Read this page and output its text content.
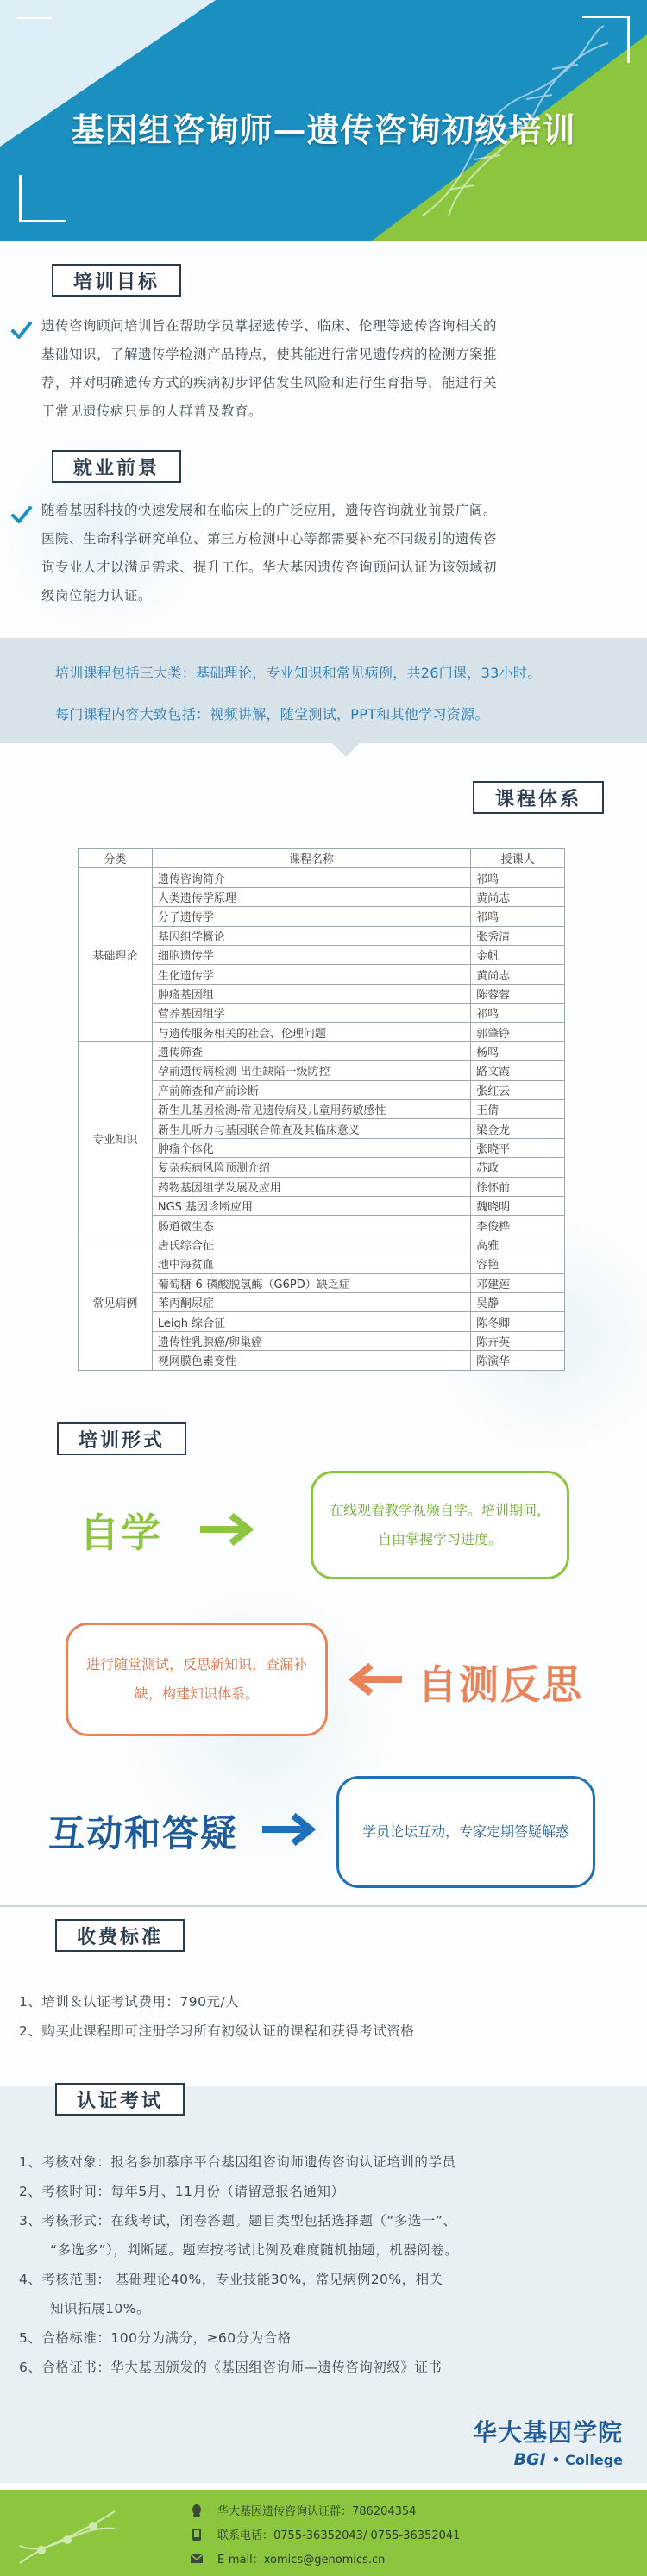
基因组咨询师—遗传咨询初级培训
培训目标
遗传咨询顾问培训旨在帮助学员掌握遗传学、临床、伦理等遗传咨询相关的
基础知识，了解遗传学检测产品特点，使其能进行常见遗传病的检测方案推
荐，并对明确遗传方式的疾病初步评估发生风险和进行生育指导，能进行关
于常见遗传病只是的人群普及教育。
就业前景
随着基因科技的快速发展和在临床上的广泛应用，遗传咨询就业前景广阔。
医院、生命科学研究单位、第三方检测中心等都需要补充不同级别的遗传咨
询专业人才以满足需求、提升工作。华大基因遗传咨询顾问认证为该领域初
级岗位能力认证。

培训课程包括三大类：基础理论，专业知识和常见病例，共26门课，33小时。

每门课程内容大致包括：视频讲解，随堂测试，PPT和其他学习资源。

课程体系
分类	课程名称	授课人
基础理论	遗传咨询简介	祁鸣
	人类遗传学原理	黄尚志
	分子遗传学	祁鸣
	基因组学概论	张秀清
	细胞遗传学	金帆
	生化遗传学	黄尚志
	肿瘤基因组	陈蓉蓉
	营养基因组学	祁鸣
	与遗传服务相关的社会、伦理问题	郭肇铮
专业知识	遗传筛查	杨鸣
	孕前遗传病检测-出生缺陷一级防控	路文霞
	产前筛查和产前诊断	张红云
	新生儿基因检测-常见遗传病及儿童用药敏感性	王倩
	新生儿听力与基因联合筛查及其临床意义	梁金龙
	肿瘤个体化	张晓平
	复杂疾病风险预测介绍	苏政
	药物基因组学发展及应用	徐怀前
	NGS 基因诊断应用	魏晓明
	肠道微生态	李俊桦
常见病例	唐氏综合征	高雅
	地中海贫血	容艳
	葡萄糖-6-磷酸脱氢酶（G6PD）缺乏症	邓建莲
	苯丙酮尿症	吴静
	Leigh 综合征	陈冬卿
	遗传性乳腺癌/卵巢癌	陈卉英
	视网膜色素变性	陈演华
培训形式
自学	在线观看教学视频自学。培训期间，自由掌握学习进度。
进行随堂测试，反思新知识，查漏补缺，构建知识体系。	自测反思
互动和答疑	学员论坛互动，专家定期答疑解惑
收费标准
1、培训＆认证考试费用：790元/人
2、购买此课程即可注册学习所有初级认证的课程和获得考试资格
认证考试
1、考核对象：报名参加慕序平台基因组咨询师遗传咨询认证培训的学员
2、考核时间：每年5月、11月份（请留意报名通知）
3、考核形式：在线考试，闭卷答题。题目类型包括选择题（“多选一”、
“多选多”），判断题。题库按考试比例及难度随机抽题，机器阅卷。
4、考核范围： 基础理论40%，专业技能30%，常见病例20%，相关
知识拓展10%。
5、合格标准：100分为满分，≥60分为合格
6、合格证书：华大基因颁发的《基因组咨询师—遗传咨询初级》证书
华大基因学院
BGI • College
华大基因遗传咨询认证群：786204354
联系电话：0755-36352043/ 0755-36352041
E-mail：xomics@genomics.cn
